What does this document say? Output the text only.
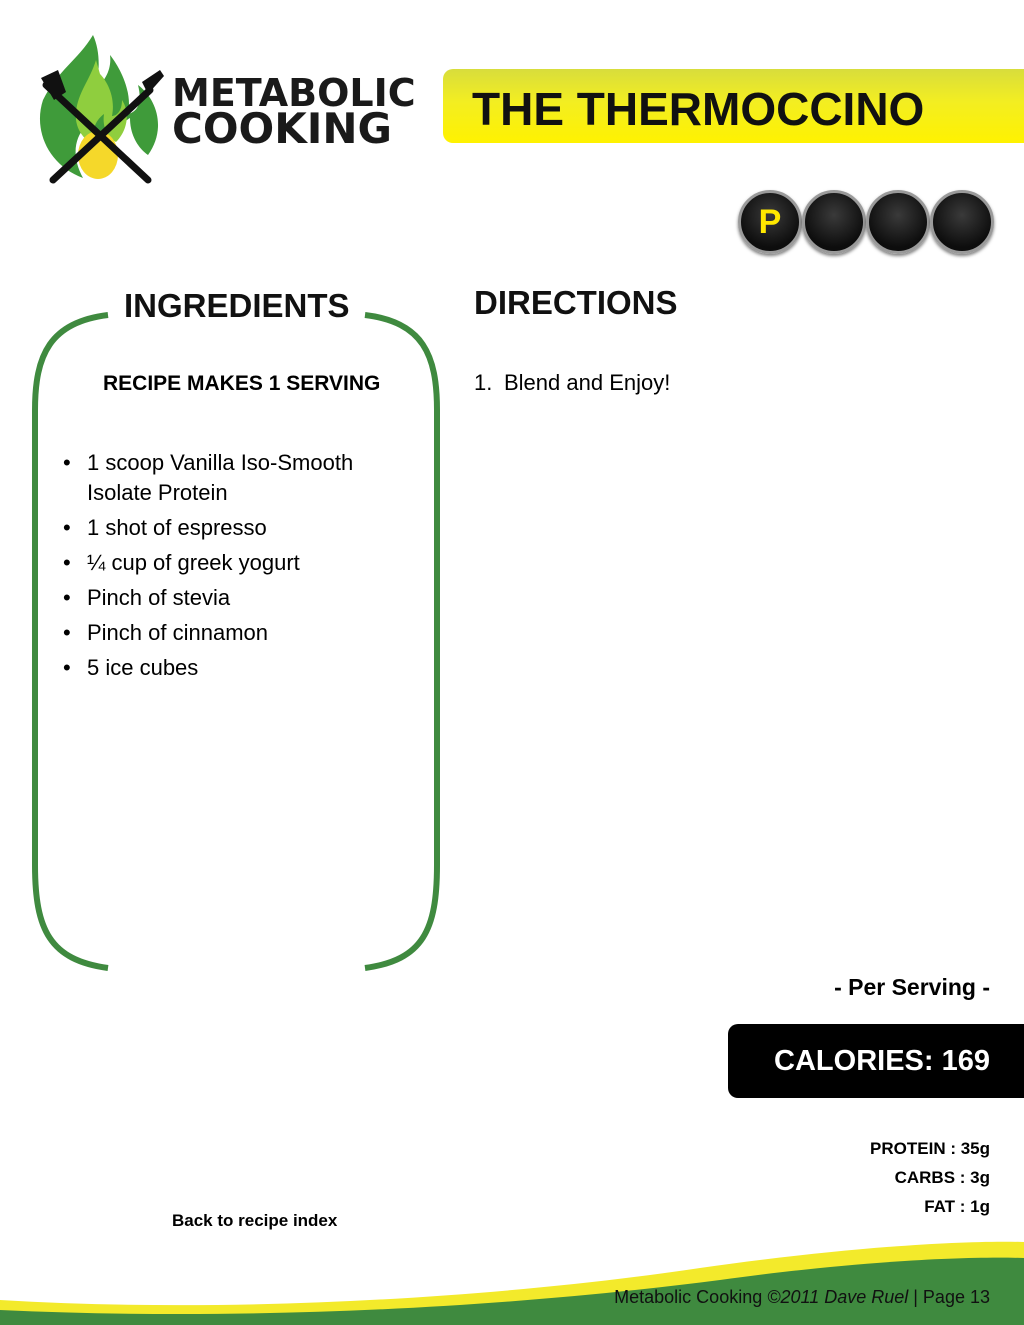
METABOLIC
COOKING THE THERMOCCINO
P
INGREDIENTS
RECIPE MAKES 1 SERVING
• 1 scoop Vanilla Iso-Smooth Isolate Protein
• 1 shot of espresso
• ¼ cup of greek yogurt
• Pinch of stevia
• Pinch of cinnamon
• 5 ice cubes
DIRECTIONS
1. Blend and Enjoy!
- Per Serving -
CALORIES: 169
PROTEIN : 35g
CARBS : 3g
FAT : 1g
Back to recipe index
Metabolic Cooking ©2011 Dave Ruel | Page 13
